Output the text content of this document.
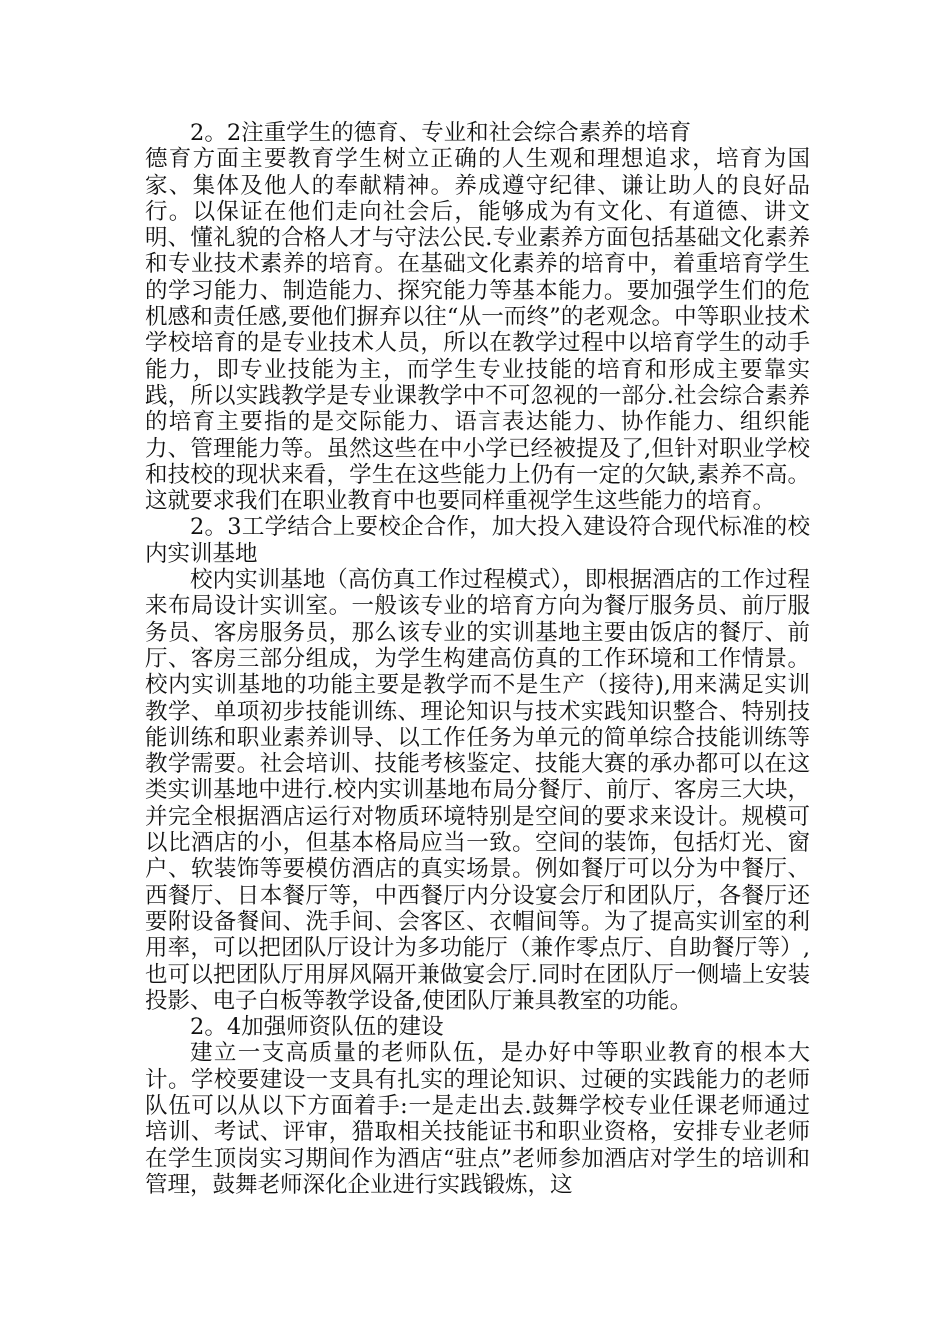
2。2注重学生的德育、专业和社会综合素养的培育

德育方面主要教育学生树立正确的人生观和理想追求，培育为国家、集体及他人的奉献精神。养成遵守纪律、谦让助人的良好品行。以保证在他们走向社会后，能够成为有文化、有道德、讲文明、懂礼貌的合格人才与守法公民.专业素养方面包括基础文化素养和专业技术素养的培育。在基础文化素养的培育中，着重培育学生的学习能力、制造能力、探究能力等基本能力。要加强学生们的危机感和责任感,要他们摒弃以往“从一而终”的老观念。中等职业技术学校培育的是专业技术人员，所以在教学过程中以培育学生的动手能力，即专业技能为主，而学生专业技能的培育和形成主要靠实践，所以实践教学是专业课教学中不可忽视的一部分.社会综合素养的培育主要指的是交际能力、语言表达能力、协作能力、组织能力、管理能力等。虽然这些在中小学已经被提及了,但针对职业学校和技校的现状来看，学生在这些能力上仍有一定的欠缺,素养不高。这就要求我们在职业教育中也要同样重视学生这些能力的培育。

2。3工学结合上要校企合作，加大投入建设符合现代标准的校内实训基地

校内实训基地（高仿真工作过程模式），即根据酒店的工作过程来布局设计实训室。一般该专业的培育方向为餐厅服务员、前厅服务员、客房服务员，那么该专业的实训基地主要由饭店的餐厅、前厅、客房三部分组成，为学生构建高仿真的工作环境和工作情景。校内实训基地的功能主要是教学而不是生产（接待),用来满足实训教学、单项初步技能训练、理论知识与技术实践知识整合、特别技能训练和职业素养训导、以工作任务为单元的简单综合技能训练等教学需要。社会培训、技能考核鉴定、技能大赛的承办都可以在这类实训基地中进行.校内实训基地布局分餐厅、前厅、客房三大块，并完全根据酒店运行对物质环境特别是空间的要求来设计。规模可以比酒店的小，但基本格局应当一致。空间的装饰，包括灯光、窗户、软装饰等要模仿酒店的真实场景。例如餐厅可以分为中餐厅、西餐厅、日本餐厅等，中西餐厅内分设宴会厅和团队厅，各餐厅还要附设备餐间、洗手间、会客区、衣帽间等。为了提高实训室的利用率，可以把团队厅设计为多功能厅（兼作零点厅、自助餐厅等）,也可以把团队厅用屏风隔开兼做宴会厅.同时在团队厅一侧墙上安装投影、电子白板等教学设备,使团队厅兼具教室的功能。

2。4加强师资队伍的建设

建立一支高质量的老师队伍，是办好中等职业教育的根本大计。学校要建设一支具有扎实的理论知识、过硬的实践能力的老师队伍可以从以下方面着手:一是走出去.鼓舞学校专业任课老师通过培训、考试、评审，猎取相关技能证书和职业资格，安排专业老师在学生顶岗实习期间作为酒店“驻点”老师参加酒店对学生的培训和管理，鼓舞老师深化企业进行实践锻炼，这
